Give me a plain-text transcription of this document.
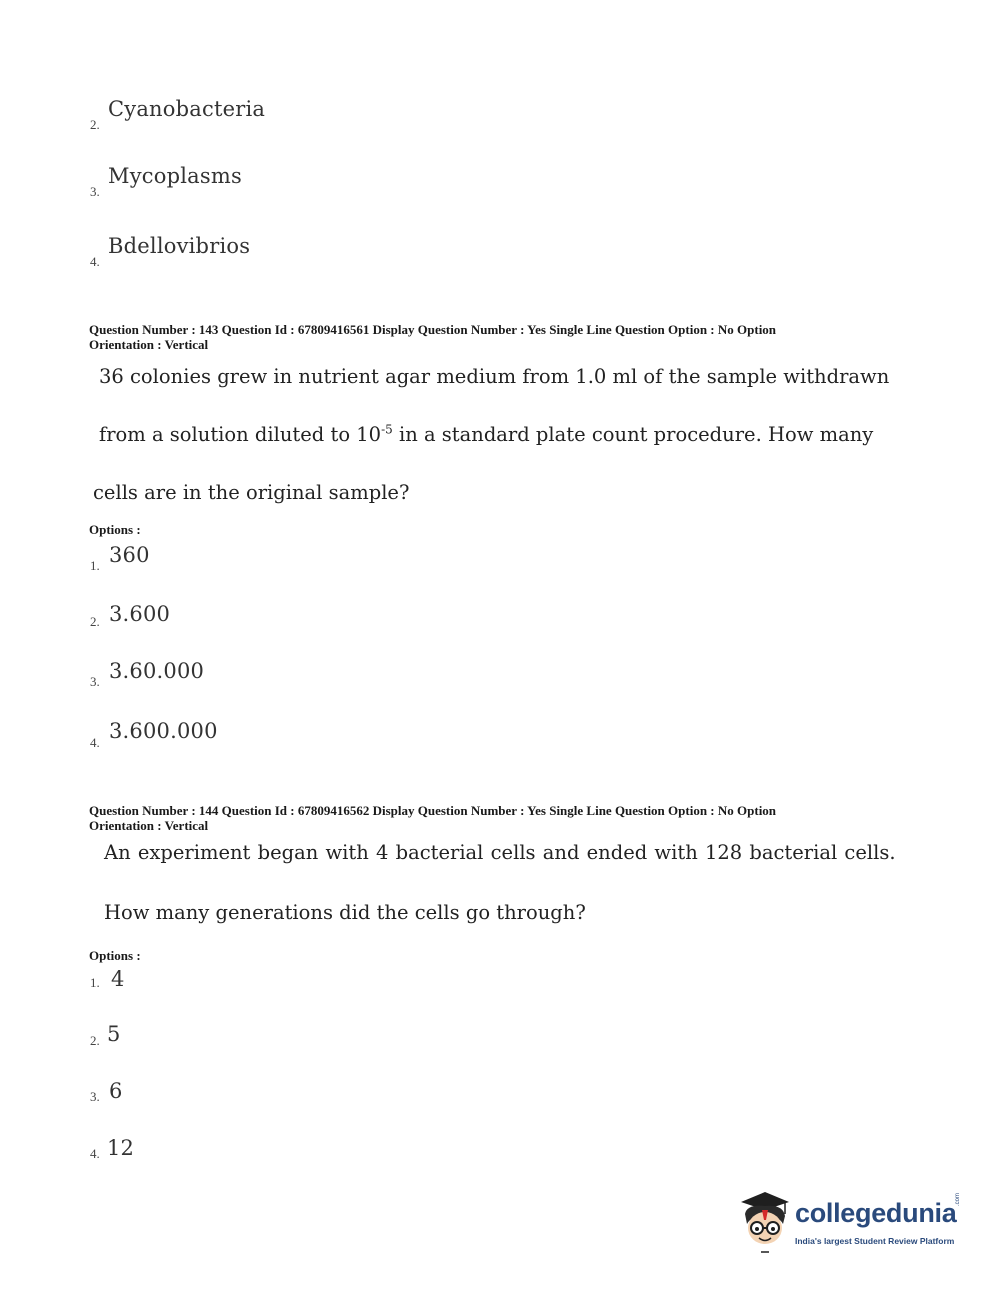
2.
Cyanobacteria
3.
Mycoplasms
4.
Bdellovibrios
Question Number : 143 Question Id : 67809416561 Display Question Number : Yes Single Line Question Option : No Option
Orientation : Vertical
36 colonies grew in nutrient agar medium from 1.0 ml of the sample withdrawn
from a solution diluted to $10^{-5}$ in a standard plate count procedure. How many
cells are in the original sample?
Options :
1. 360
2. 3.600
3. 3.60.000
4. 3.600.000
Question Number : 144 Question Id : 67809416562 Display Question Number : Yes Single Line Question Option : No Option
Orientation : Vertical
An experiment began with 4 bacterial cells and ended with 128 bacterial cells.
How many generations did the cells go through?
Options :
1. 4
2. 5
3. 6
4. 12
collegedunia
.com
India's largest Student Review Platform
